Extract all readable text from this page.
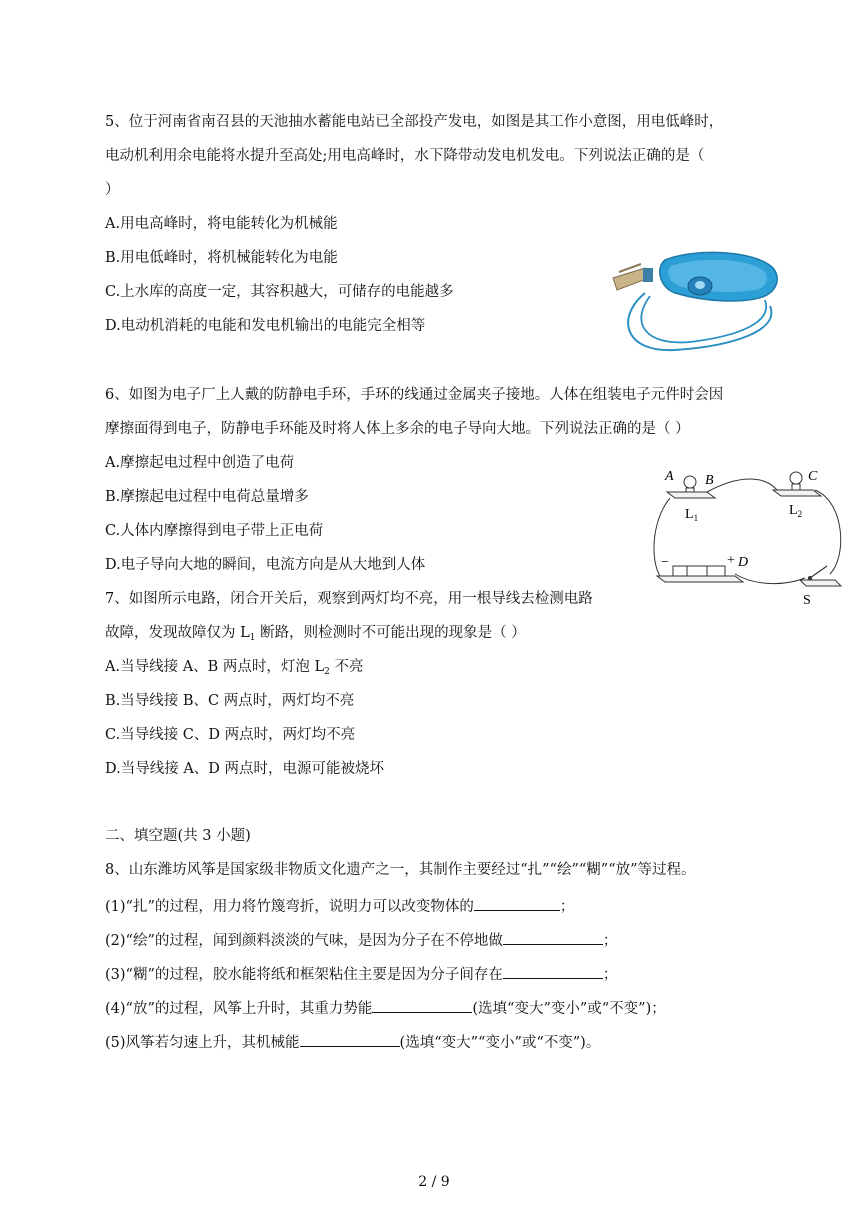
5、位于河南省南召县的天池抽水蓄能电站已全部投产发电，如图是其工作小意图，用电低峰时，
电动机利用余电能将水提升至高处;用电高峰时，水下降带动发电机发电。下列说法正确的是（
）
A.用电高峰时，将电能转化为机械能
B.用电低峰时，将机械能转化为电能
C.上水库的高度一定，其容积越大，可储存的电能越多
D.电动机消耗的电能和发电机输出的电能完全相等
6、如图为电子厂上人戴的防静电手环，手环的线通过金属夹子接地。人体在组装电子元件时会因
摩擦面得到电子，防静电手环能及时将人体上多余的电子导向大地。下列说法正确的是（ ）
A.摩擦起电过程中创造了电荷
B.摩擦起电过程中电荷总量增多
C.人体内摩擦得到电子带上正电荷
D.电子导向大地的瞬间，电流方向是从大地到人体
A B
$L_1$
C
$L_2$
−	+ D
S
7、如图所示电路，闭合开关后，观察到两灯均不亮，用一根导线去检测电路
故障，发现故障仅为 $L_1$ 断路，则检测时不可能出现的现象是（ ）
A.当导线接 A、B 两点时，灯泡 $L_2$ 不亮
B.当导线接 B、C 两点时，两灯均不亮
C.当导线接 C、D 两点时，两灯均不亮
D.当导线接 A、D 两点时，电源可能被烧坏
二、填空题(共 3 小题)
8、山东潍坊风筝是国家级非物质文化遗产之一，其制作主要经过“扎”“绘”“糊”“放”等过程。
(1)“扎”的过程，用力将竹篾弯折，说明力可以改变物体的	；
(2)“绘”的过程，闻到颜料淡淡的气味，是因为分子在不停地做	；
(3)“糊”的过程，胶水能将纸和框架粘住主要是因为分子间存在	；
(4)“放”的过程，风筝上升时，其重力势能	(选填“变大”变小”或“不变”)；
(5)风筝若匀速上升，其机械能	(选填“变大”“变小”或“不变”)。
2 / 9
